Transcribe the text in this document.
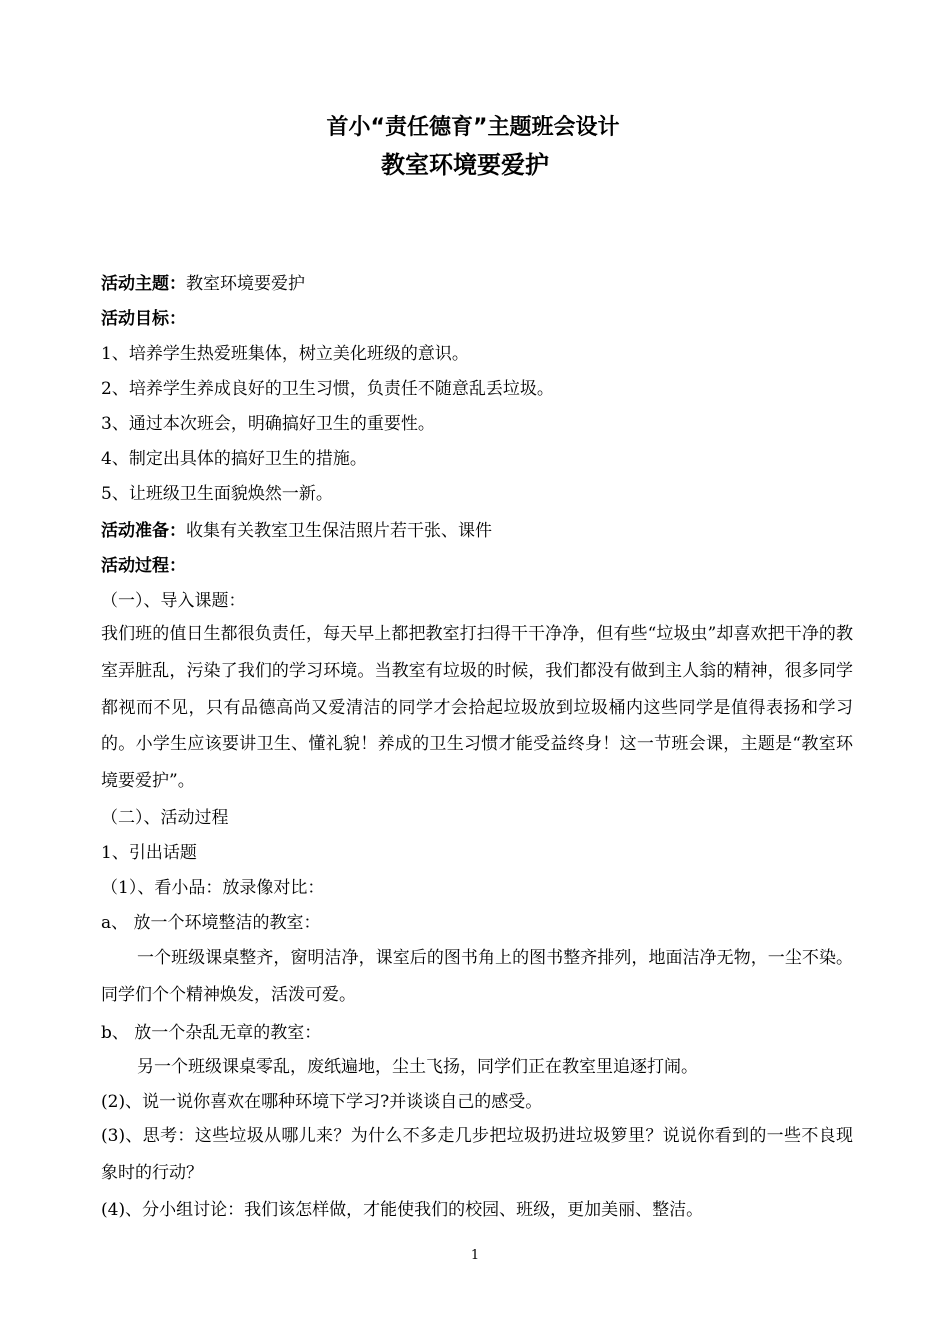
首小“责任德育”主题班会设计
教室环境要爱护
活动主题：教室环境要爱护
活动目标：
1、培养学生热爱班集体，树立美化班级的意识。
2、培养学生养成良好的卫生习惯，负责任不随意乱丢垃圾。
3、通过本次班会，明确搞好卫生的重要性。
4、制定出具体的搞好卫生的措施。
5、让班级卫生面貌焕然一新。
活动准备：收集有关教室卫生保洁照片若干张、课件
活动过程：
（一）、导入课题：
我们班的值日生都很负责任，每天早上都把教室打扫得干干净净，但有些“垃圾虫”却喜欢把干净的教室弄脏乱，污染了我们的学习环境。当教室有垃圾的时候，我们都没有做到主人翁的精神，很多同学都视而不见，只有品德高尚又爱清洁的同学才会拾起垃圾放到垃圾桶内这些同学是值得表扬和学习的。小学生应该要讲卫生、懂礼貌！养成的卫生习惯才能受益终身！这一节班会课，主题是“教室环境要爱护”。
（二）、活动过程
1、引出话题
（1）、看小品：放录像对比：
a、 放一个环境整洁的教室：
一个班级课桌整齐，窗明洁净，课室后的图书角上的图书整齐排列，地面洁净无物，一尘不染。同学们个个精神焕发，活泼可爱。
b、 放一个杂乱无章的教室：
另一个班级课桌零乱，废纸遍地，尘土飞扬，同学们正在教室里追逐打闹。
(2)、说一说你喜欢在哪种环境下学习?并谈谈自己的感受。
(3)、思考：这些垃圾从哪儿来？为什么不多走几步把垃圾扔进垃圾箩里？说说你看到的一些不良现象时的行动？
(4)、分小组讨论：我们该怎样做，才能使我们的校园、班级，更加美丽、整洁。
1
